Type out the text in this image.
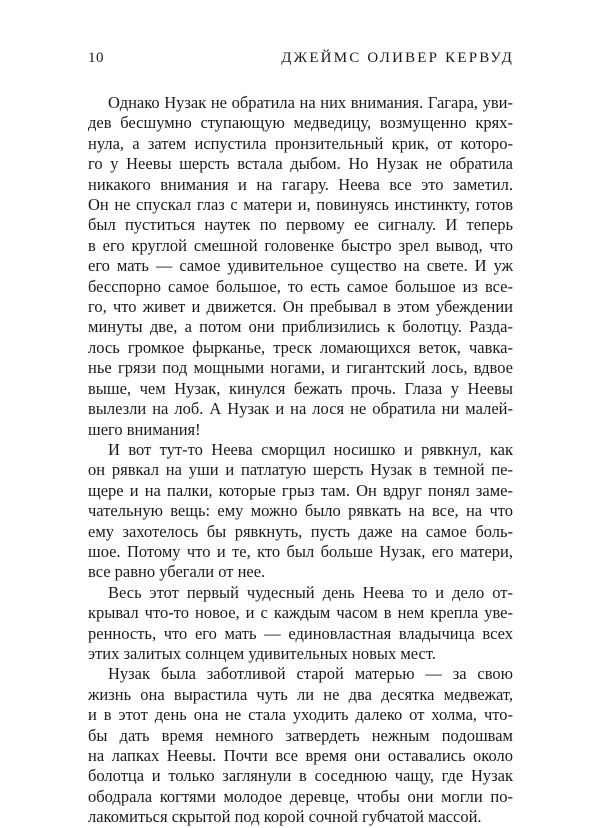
10	ДЖЕЙМС ОЛИВЕР КЕРВУД
Однако Нузак не обратила на них внимания. Гагара, уви-
дев бесшумно ступающую медведицу, возмущенно крях-
нула, а затем испустила пронзительный крик, от которо-
го у Неевы шерсть встала дыбом. Но Нузак не обратила
никакого внимания и на гагару. Неева все это заметил.
Он не спускал глаз с матери и, повинуясь инстинкту, готов
был пуститься наутек по первому ее сигналу. И теперь
в его круглой смешной головенке быстро зрел вывод, что
его мать — самое удивительное существо на свете. И уж
бесспорно самое большое, то есть самое большое из все-
го, что живет и движется. Он пребывал в этом убеждении
минуты две, а потом они приблизились к болотцу. Разда-
лось громкое фырканье, треск ломающихся веток, чавка-
нье грязи под мощными ногами, и гигантский лось, вдвое
выше, чем Нузак, кинулся бежать прочь. Глаза у Неевы
вылезли на лоб. А Нузак и на лося не обратила ни малей-
шего внимания!
И вот тут-то Неева сморщил носишко и рявкнул, как
он рявкал на уши и патлатую шерсть Нузак в темной пе-
щере и на палки, которые грыз там. Он вдруг понял заме-
чательную вещь: ему можно было рявкать на все, на что
ему захотелось бы рявкнуть, пусть даже на самое боль-
шое. Потому что и те, кто был больше Нузак, его матери,
все равно убегали от нее.
Весь этот первый чудесный день Неева то и дело от-
крывал что-то новое, и с каждым часом в нем крепла уве-
ренность, что его мать — единовластная владычица всех
этих залитых солнцем удивительных новых мест.
Нузак была заботливой старой матерью — за свою
жизнь она вырастила чуть ли не два десятка медвежат,
и в этот день она не стала уходить далеко от холма, что-
бы дать время немного затвердеть нежным подошвам
на лапках Неевы. Почти все время они оставались около
болотца и только заглянули в соседнюю чащу, где Нузак
ободрала когтями молодое деревце, чтобы они могли по-
лакомиться скрытой под корой сочной губчатой массой.
